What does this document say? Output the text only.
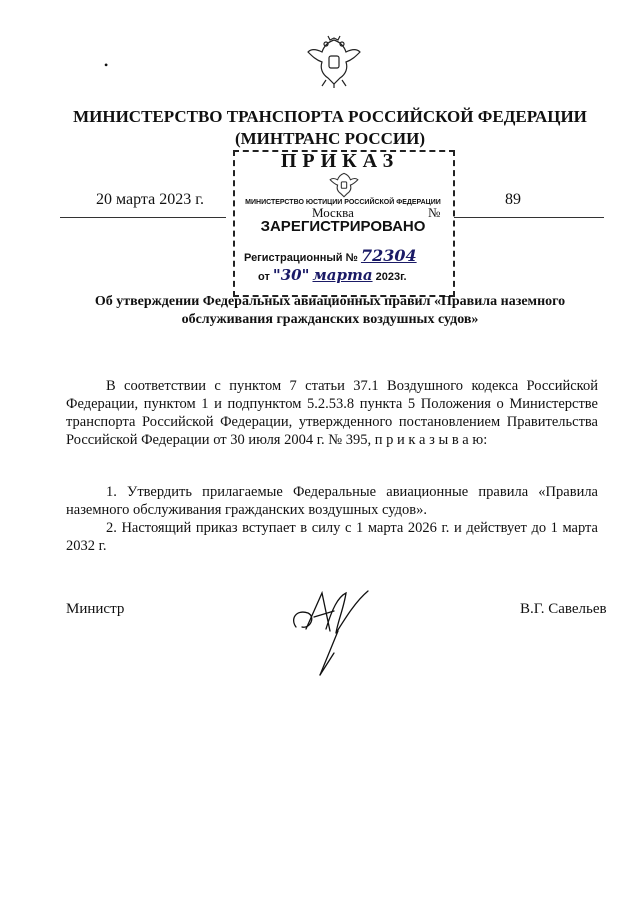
•
МИНИСТЕРСТВО ТРАНСПОРТА РОССИЙСКОЙ ФЕДЕРАЦИИ
(МИНТРАНС РОССИИ)
ПРИКАЗ
20 марта 2023 г.	89
МИНИСТЕРСТВО ЮСТИЦИИ РОССИЙСКОЙ ФЕДЕРАЦИИ
Москва	№
ЗАРЕГИСТРИРОВАНО
Регистрационный № 72304
от "30" марта 2023г.
Об утверждении Федеральных авиационных правил «Правила наземного
обслуживания гражданских воздушных судов»
В соответствии с пунктом 7 статьи 37.1 Воздушного кодекса Российской Федерации, пунктом 1 и подпунктом 5.2.53.8 пункта 5 Положения о Министерстве транспорта Российской Федерации, утвержденного постановлением Правительства Российской Федерации от 30 июля 2004 г. № 395, п р и к а з ы в а ю:
1. Утвердить прилагаемые Федеральные авиационные правила «Правила наземного обслуживания гражданских воздушных судов».
2. Настоящий приказ вступает в силу с 1 марта 2026 г. и действует до 1 марта 2032 г.
Министр	В.Г. Савельев
